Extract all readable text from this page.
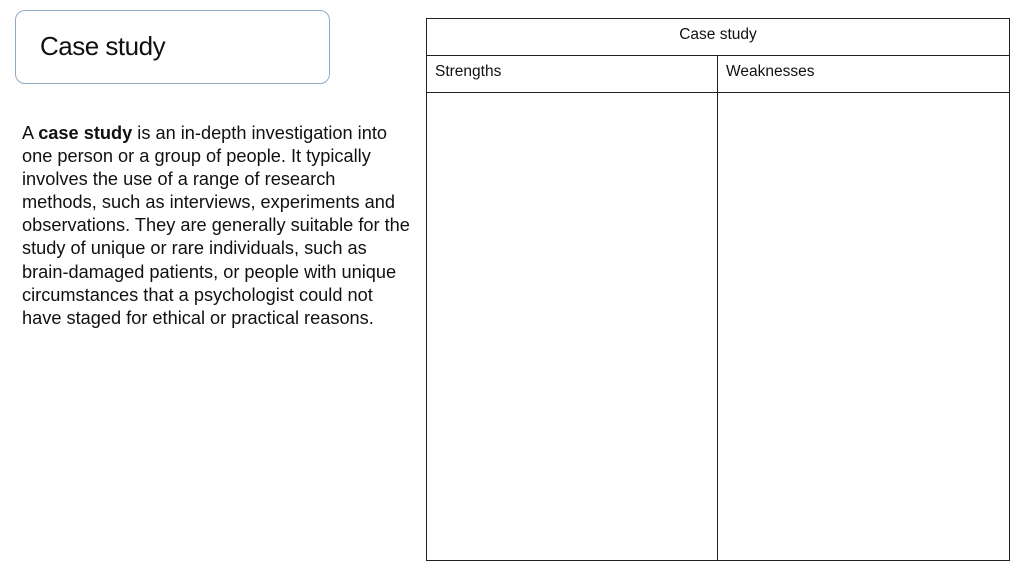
Case study
A case study is an in-depth investigation into one person or a group of people. It typically involves the use of a range of research methods, such as interviews, experiments and observations. They are generally suitable for the study of unique or rare individuals, such as brain-damaged patients, or people with unique circumstances that a psychologist could not have staged for ethical or practical reasons.
Case study	
Strengths	Weaknesses
